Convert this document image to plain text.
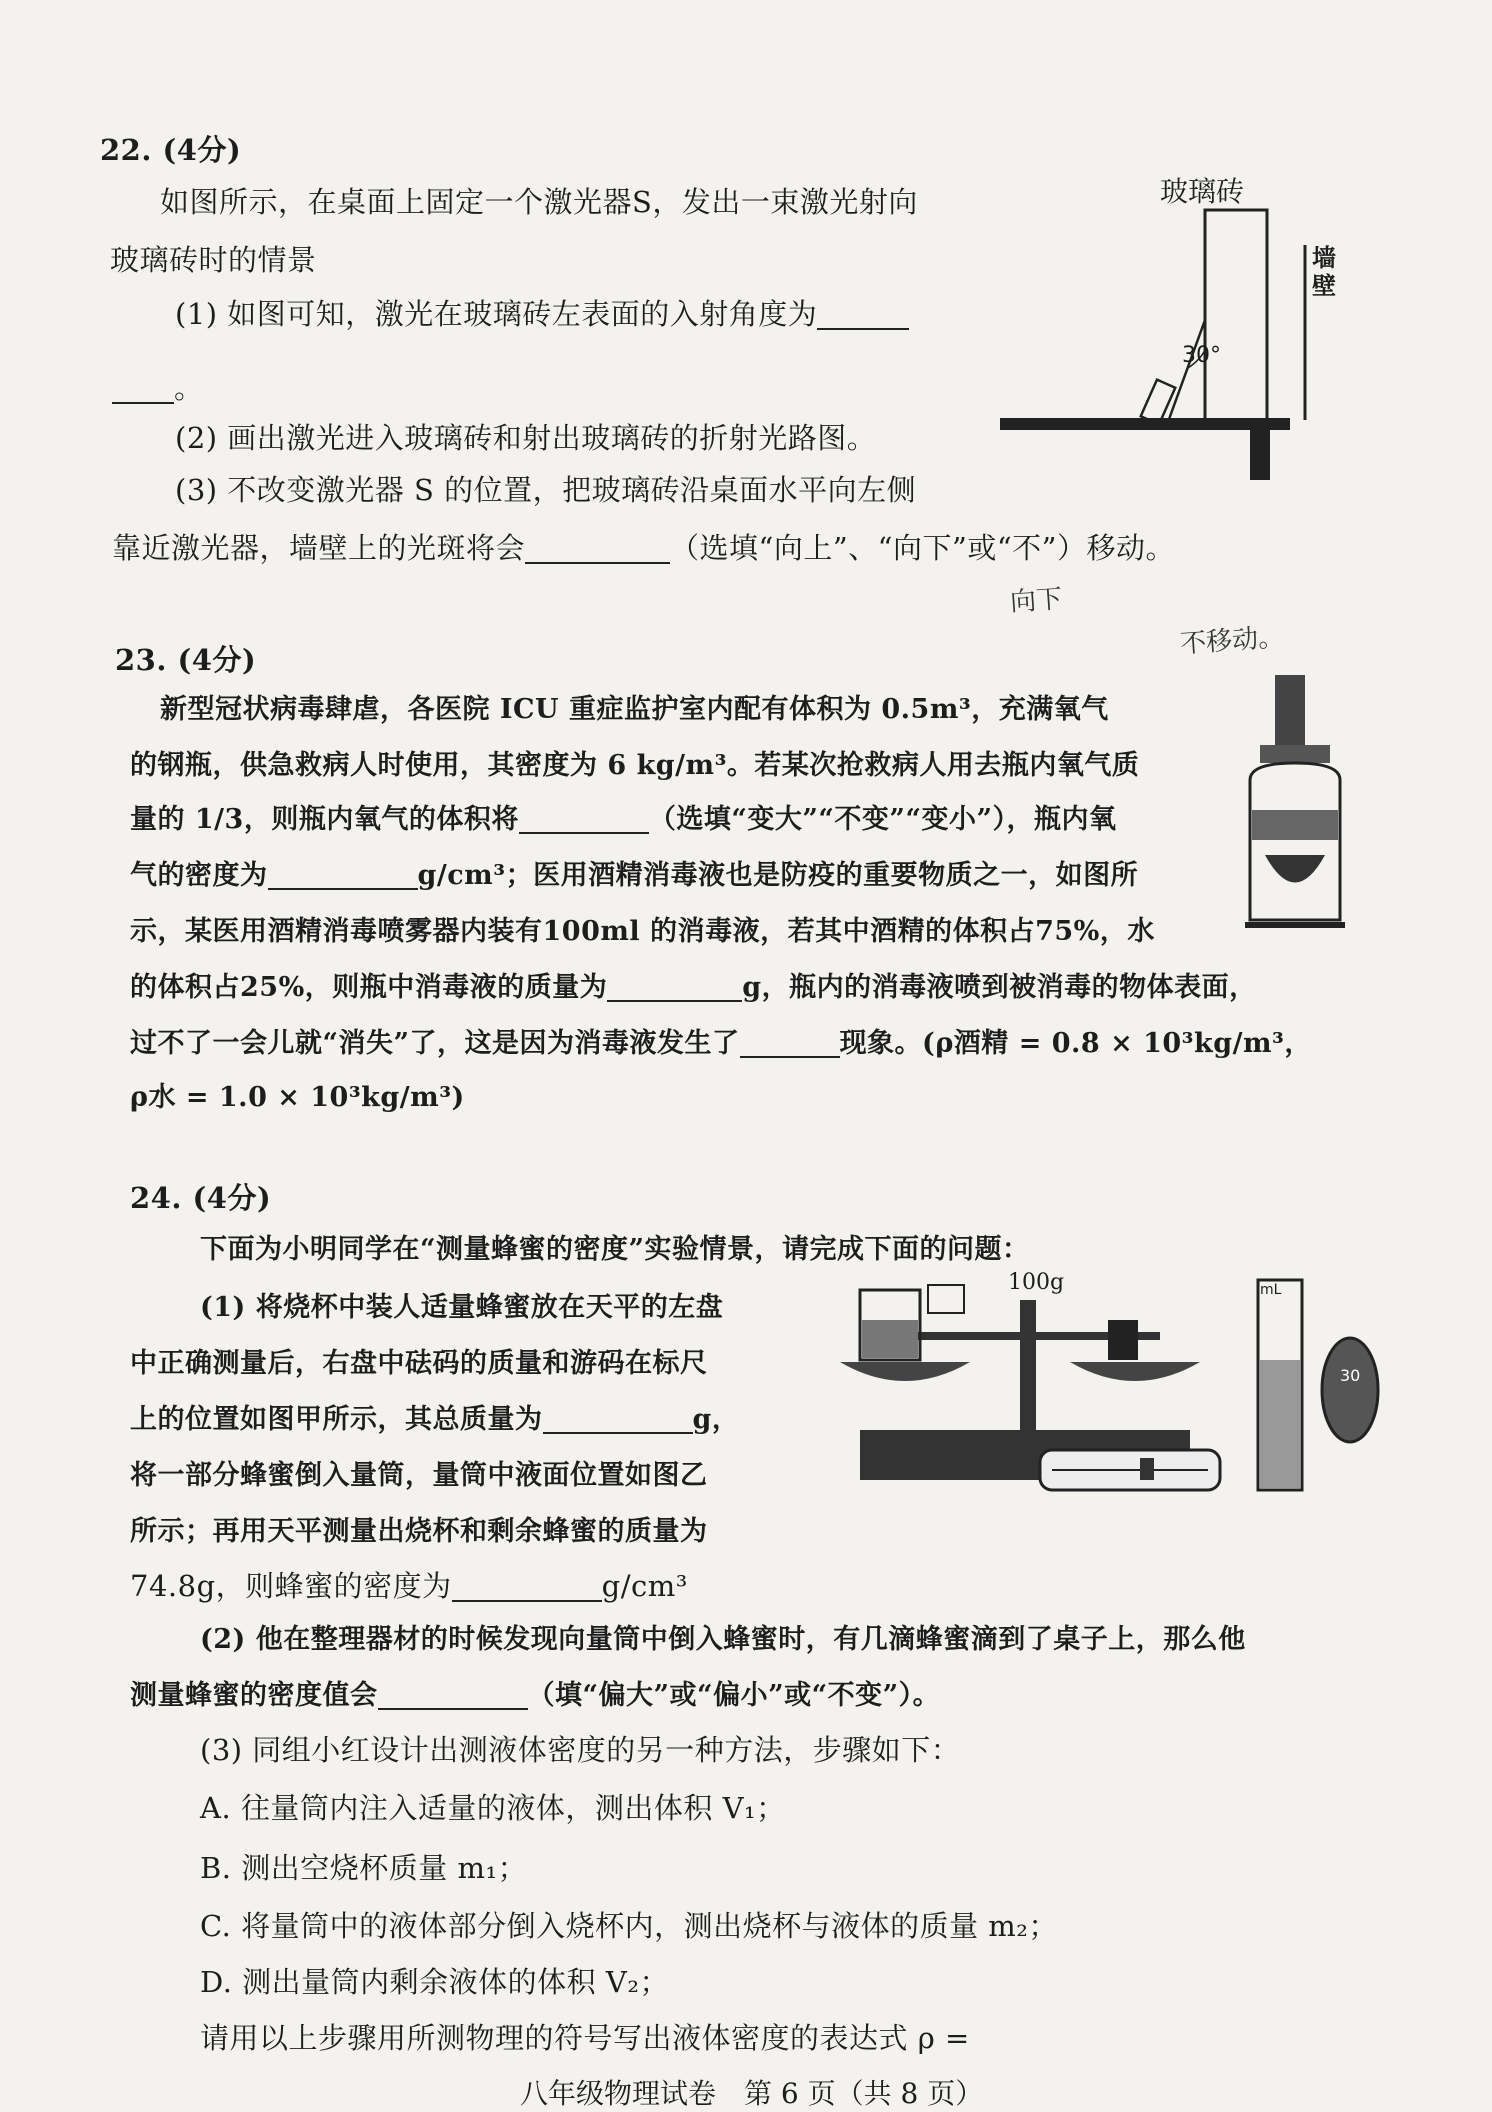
22. (4分)
如图所示，在桌面上固定一个激光器S，发出一束激光射向
玻璃砖时的情景
(1) 如图可知，激光在玻璃砖左表面的入射角度为
。
(2) 画出激光进入玻璃砖和射出玻璃砖的折射光路图。
(3) 不改变激光器 S 的位置，把玻璃砖沿桌面水平向左侧
靠近激光器，墙壁上的光斑将会	（选填“向上”、“向下”或“不”）移动。
玻璃砖
30°
墙壁
向下
不移动。
23. (4分)
新型冠状病毒肆虐，各医院 ICU 重症监护室内配有体积为 0.5m³，充满氧气
的钢瓶，供急救病人时使用，其密度为 6 kg/m³。若某次抢救病人用去瓶内氧气质
量的 1/3，则瓶内氧气的体积将	（选填“变大”“不变”“变小”），瓶内氧
气的密度为	g/cm³；医用酒精消毒液也是防疫的重要物质之一，如图所
示，某医用酒精消毒喷雾器内装有100ml 的消毒液，若其中酒精的体积占75%，水
的体积占25%，则瓶中消毒液的质量为	g，瓶内的消毒液喷到被消毒的物体表面，
过不了一会儿就“消失”了，这是因为消毒液发生了	现象。(ρ酒精 = 0.8 × 10³kg/m³，
ρ水 = 1.0 × 10³kg/m³)
24. (4分)
下面为小明同学在“测量蜂蜜的密度”实验情景，请完成下面的问题：
(1) 将烧杯中装人适量蜂蜜放在天平的左盘
中正确测量后，右盘中砝码的质量和游码在标尺
上的位置如图甲所示，其总质量为	g，
将一部分蜂蜜倒入量筒，量筒中液面位置如图乙
所示；再用天平测量出烧杯和剩余蜂蜜的质量为
74.8g，则蜂蜜的密度为	g/cm³
(2) 他在整理器材的时候发现向量筒中倒入蜂蜜时，有几滴蜂蜜滴到了桌子上，那么他
测量蜂蜜的密度值会	（填“偏大”或“偏小”或“不变”）。
(3) 同组小红设计出测液体密度的另一种方法，步骤如下：
A. 往量筒内注入适量的液体，测出体积 V₁；
B. 测出空烧杯质量 m₁；
C. 将量筒中的液体部分倒入烧杯内，测出烧杯与液体的质量 m₂；
D. 测出量筒内剩余液体的体积 V₂；
请用以上步骤用所测物理的符号写出液体密度的表达式 ρ =
100g	mL
30
八年级物理试卷　第 6 页（共 8 页）
